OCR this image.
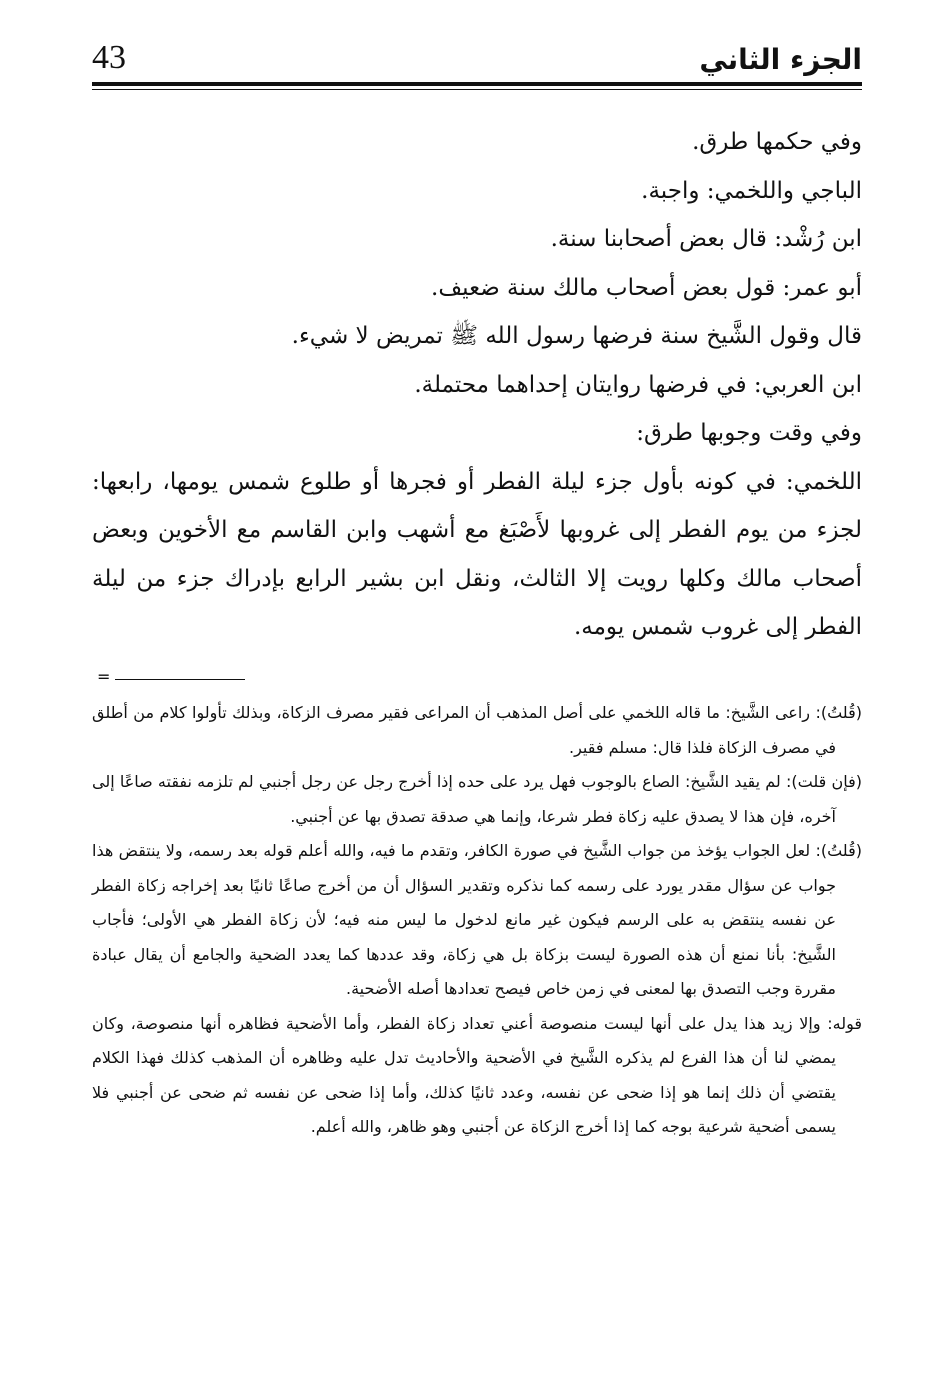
43	الجزء الثاني

وفي حكمها طرق.

الباجي واللخمي: واجبة.

ابن رُشْد: قال بعض أصحابنا سنة.

أبو عمر: قول بعض أصحاب مالك سنة ضعيف.

قال وقول الشَّيخ سنة فرضها رسول الله ﷺ تمريض لا شيء.

ابن العربي: في فرضها روايتان إحداهما محتملة.

وفي وقت وجوبها طرق:

اللخمي: في كونه بأول جزء ليلة الفطر أو فجرها أو طلوع شمس يومها، رابعها: لجزء من يوم الفطر إلى غروبها لأَصْبَغ مع أشهب وابن القاسم مع الأخوين وبعض أصحاب مالك وكلها رويت إلا الثالث، ونقل ابن بشير الرابع بإدراك جزء من ليلة الفطر إلى غروب شمس يومه.

=

(قُلتُ): راعى الشَّيخ: ما قاله اللخمي على أصل المذهب أن المراعى فقير مصرف الزكاة، وبذلك تأولوا كلام من أطلق في مصرف الزكاة فلذا قال: مسلم فقير.

(فإن قلت): لم يقيد الشَّيخ: الصاع بالوجوب فهل يرد على حده إذا أخرج رجل عن رجل أجنبي لم تلزمه نفقته صاعًا إلى آخره، فإن هذا لا يصدق عليه زكاة فطر شرعا، وإنما هي صدقة تصدق بها عن أجنبي.

(قُلتُ): لعل الجواب يؤخذ من جواب الشَّيخ في صورة الكافر، وتقدم ما فيه، والله أعلم قوله بعد رسمه، ولا ينتقض هذا جواب عن سؤال مقدر يورد على رسمه كما نذكره وتقدير السؤال أن من أخرج صاعًا ثانيًا بعد إخراجه زكاة الفطر عن نفسه ينتقض به على الرسم فيكون غير مانع لدخول ما ليس منه فيه؛ لأن زكاة الفطر هي الأولى؛ فأجاب الشَّيخ: بأنا نمنع أن هذه الصورة ليست بزكاة بل هي زكاة، وقد عددها كما يعدد الضحية والجامع أن يقال عبادة مقررة وجب التصدق بها لمعنى في زمن خاص فيصح تعدادها أصله الأضحية.

قوله: وإلا زيد هذا يدل على أنها ليست منصوصة أعني تعداد زكاة الفطر، وأما الأضحية فظاهره أنها منصوصة، وكان يمضي لنا أن هذا الفرع لم يذكره الشَّيخ في الأضحية والأحاديث تدل عليه وظاهره أن المذهب كذلك فهذا الكلام يقتضي أن ذلك إنما هو إذا ضحى عن نفسه، وعدد ثانيًا كذلك، وأما إذا ضحى عن نفسه ثم ضحى عن أجنبي فلا يسمى أضحية شرعية بوجه كما إذا أخرج الزكاة عن أجنبي وهو ظاهر، والله أعلم.
